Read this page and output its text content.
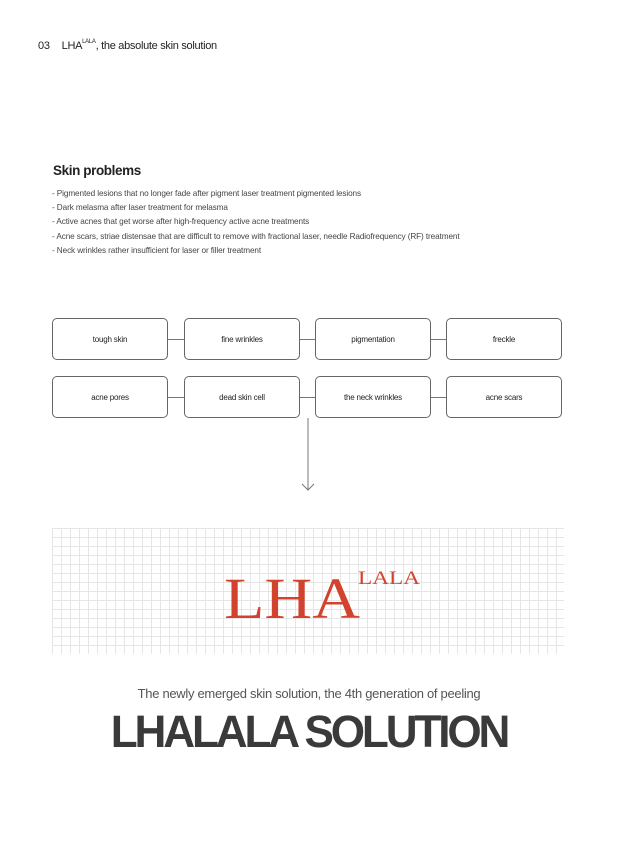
03 $LHA^{LALA}$, the absolute skin solution
Skin problems
- Pigmented lesions that no longer fade after pigment laser treatment pigmented lesions
- Dark melasma after laser treatment for melasma
- Active acnes that get worse after high-frequency active acne treatments
- Acne scars, striae distensae that are difficult to remove with fractional laser, needle Radiofrequency (RF) treatment
- Neck wrinkles rather insufficient for laser or filler treatment
tough skin	fine wrinkles	pigmentation	freckle
acne pores	dead skin cell	the neck wrinkles	acne scars
LHA
LALA
The newly emerged skin solution, the 4th generation of peeling
LHALALA SOLUTION
